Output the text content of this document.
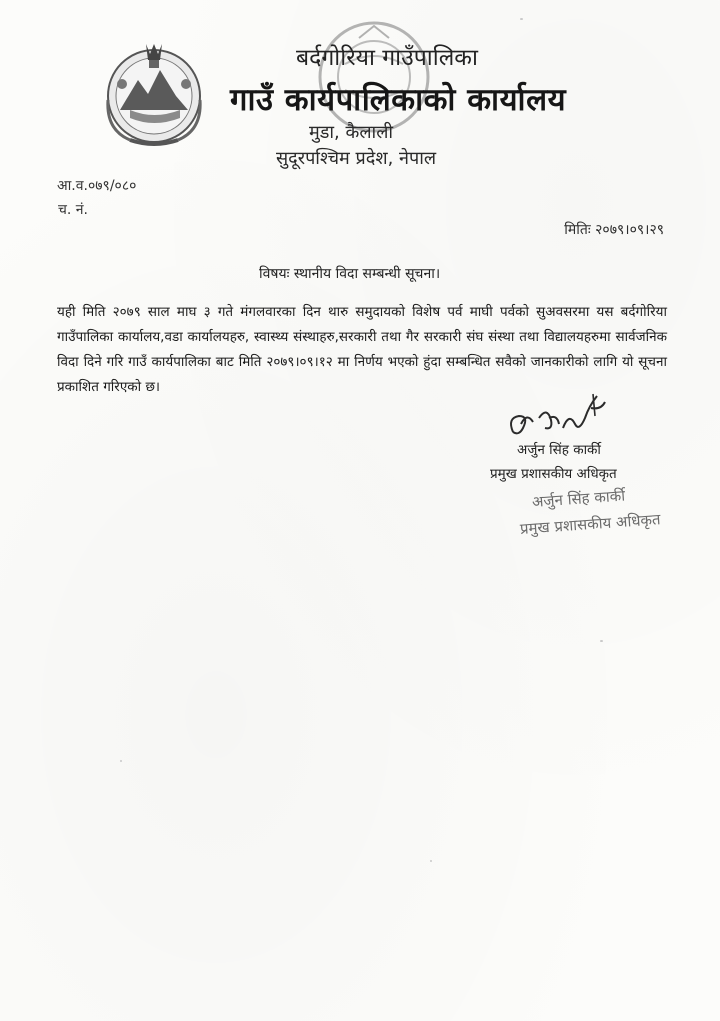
बर्दगोरिया गाउँपालिका
गाउँ कार्यपालिकाको कार्यालय
मुडा, कैलाली
सुदूरपश्चिम प्रदेश, नेपाल
आ.व.०७९/०८०
च. नं.
मितिः २०७९।०९।२९
विषयः स्थानीय विदा सम्बन्धी सूचना।
यही मिति २०७९ साल माघ ३ गते मंगलवारका दिन थारु समुदायको विशेष पर्व माघी पर्वको सुअवसरमा यस बर्दगोरिया गाउँपालिका कार्यालय,वडा कार्यालयहरु, स्वास्थ्य संस्थाहरु,सरकारी तथा गैर सरकारी संघ संस्था तथा विद्यालयहरुमा सार्वजनिक विदा दिने गरि गाउँ कार्यपालिका बाट मिति २०७९।०९।१२ मा निर्णय भएको हुंदा सम्बन्धित सवैको जानकारीको लागि यो सूचना प्रकाशित गरिएको छ।
अर्जुन सिंह कार्की
प्रमुख प्रशासकीय अधिकृत
अर्जुन सिंह कार्की
प्रमुख प्रशासकीय अधिकृत
